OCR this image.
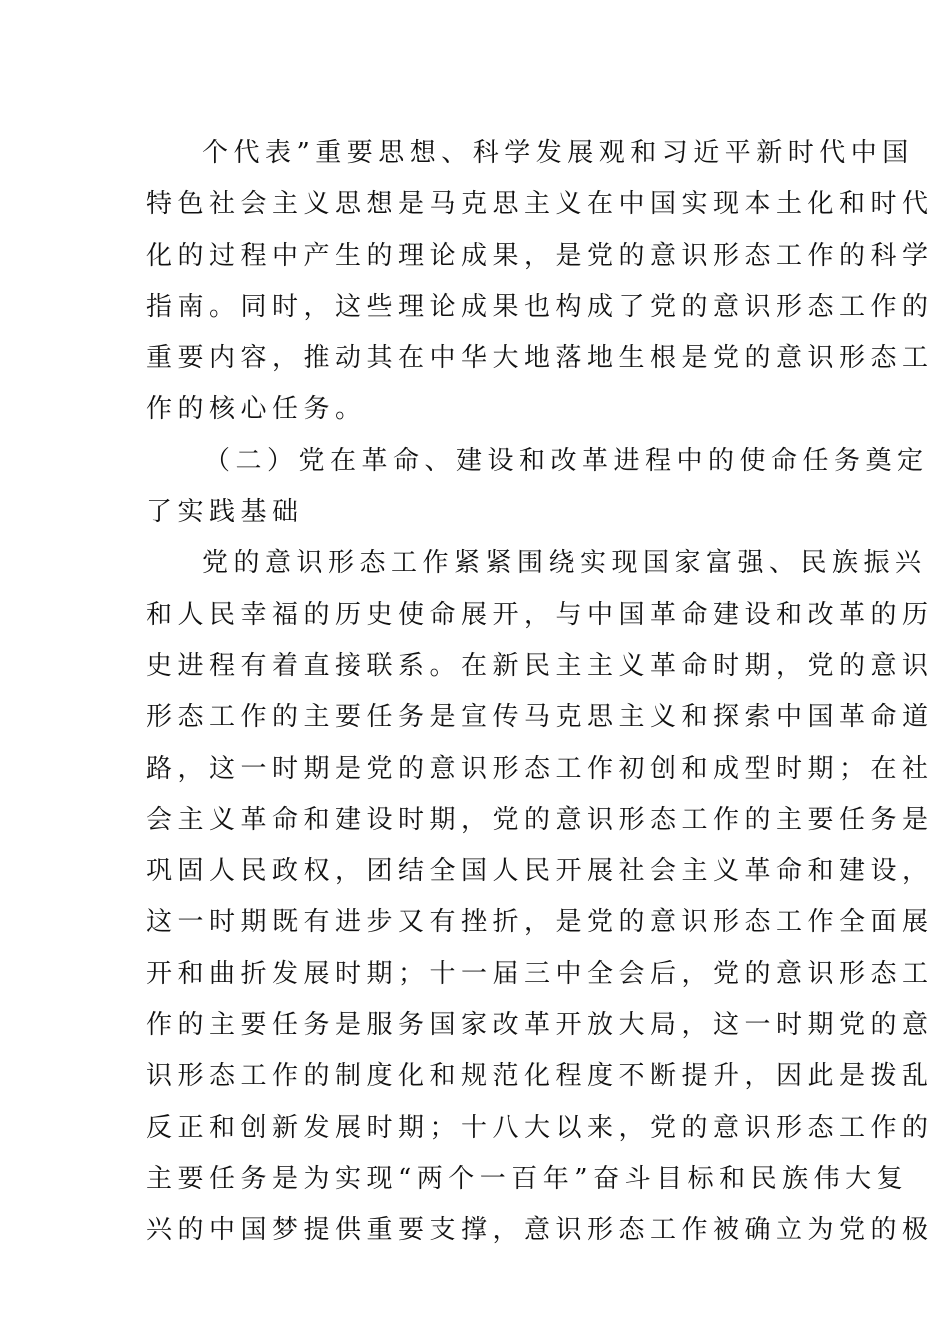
个代表”重要思想、科学发展观和习近平新时代中国
特色社会主义思想是马克思主义在中国实现本土化和时代
化的过程中产生的理论成果，是党的意识形态工作的科学
指南。同时，这些理论成果也构成了党的意识形态工作的
重要内容，推动其在中华大地落地生根是党的意识形态工
作的核心任务。
（二）党在革命、建设和改革进程中的使命任务奠定
了实践基础
党的意识形态工作紧紧围绕实现国家富强、民族振兴
和人民幸福的历史使命展开，与中国革命建设和改革的历
史进程有着直接联系。在新民主主义革命时期，党的意识
形态工作的主要任务是宣传马克思主义和探索中国革命道
路，这一时期是党的意识形态工作初创和成型时期；在社
会主义革命和建设时期，党的意识形态工作的主要任务是
巩固人民政权，团结全国人民开展社会主义革命和建设，
这一时期既有进步又有挫折，是党的意识形态工作全面展
开和曲折发展时期；十一届三中全会后，党的意识形态工
作的主要任务是服务国家改革开放大局，这一时期党的意
识形态工作的制度化和规范化程度不断提升，因此是拨乱
反正和创新发展时期；十八大以来，党的意识形态工作的
主要任务是为实现“两个一百年”奋斗目标和民族伟大复
兴的中国梦提供重要支撑，意识形态工作被确立为党的极
